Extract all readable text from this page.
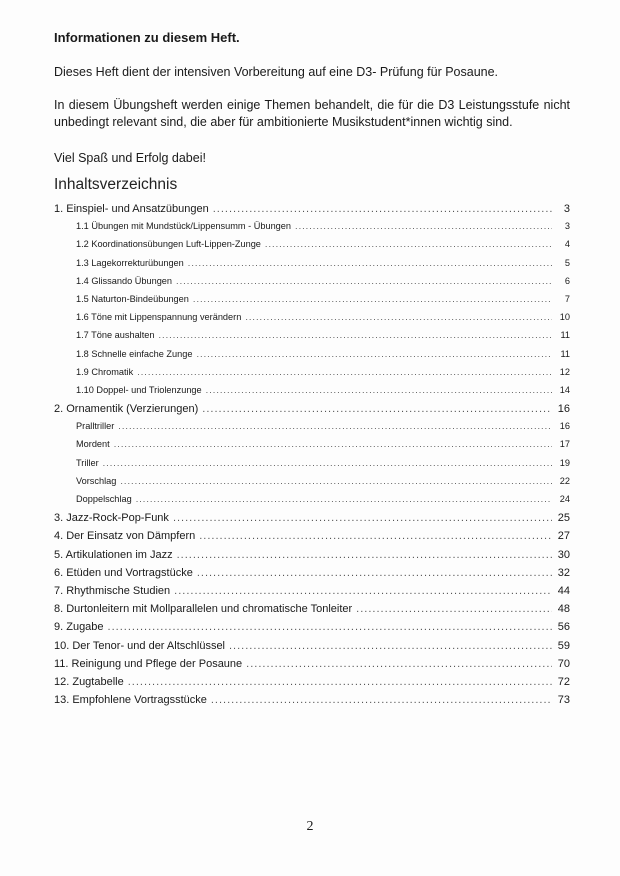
Informationen zu diesem Heft.

Dieses Heft dient der intensiven Vorbereitung auf eine D3- Prüfung für Posaune.

In diesem Übungsheft werden einige Themen behandelt, die für die D3 Leistungsstufe nicht unbedingt relevant sind, die aber für ambitionierte Musikstudent*innen wichtig sind.

Viel Spaß und Erfolg dabei!

Inhaltsverzeichnis
1. Einspiel- und Ansatzübungen .....	3
1.1 Übungen mit Mundstück/Lippensumm - Übungen .....	3
1.2 Koordinationsübungen Luft-Lippen-Zunge .....	4
1.3 Lagekorrekturübungen .....	5
1.4 Glissando Übungen .....	6
1.5 Naturton-Bindeübungen .....	7
1.6 Töne mit Lippenspannung verändern .....	10
1.7 Töne aushalten .....	11
1.8 Schnelle einfache Zunge .....	11
1.9 Chromatik .....	12
1.10 Doppel- und Triolenzunge .....	14
2. Ornamentik (Verzierungen) .....	16
Pralltriller .....	16
Mordent .....	17
Triller .....	19
Vorschlag .....	22
Doppelschlag .....	24
3. Jazz-Rock-Pop-Funk .....	25
4. Der Einsatz von Dämpfern .....	27
5. Artikulationen im Jazz .....	30
6. Etüden und Vortragstücke .....	32
7. Rhythmische Studien .....	44
8. Durtonleitern mit Mollparallelen und chromatische Tonleiter .....	48
9. Zugabe .....	56
10. Der Tenor- und der Altschlüssel .....	59
11. Reinigung und Pflege der Posaune .....	70
12. Zugtabelle .....	72
13. Empfohlene Vortragsstücke .....	73
2
